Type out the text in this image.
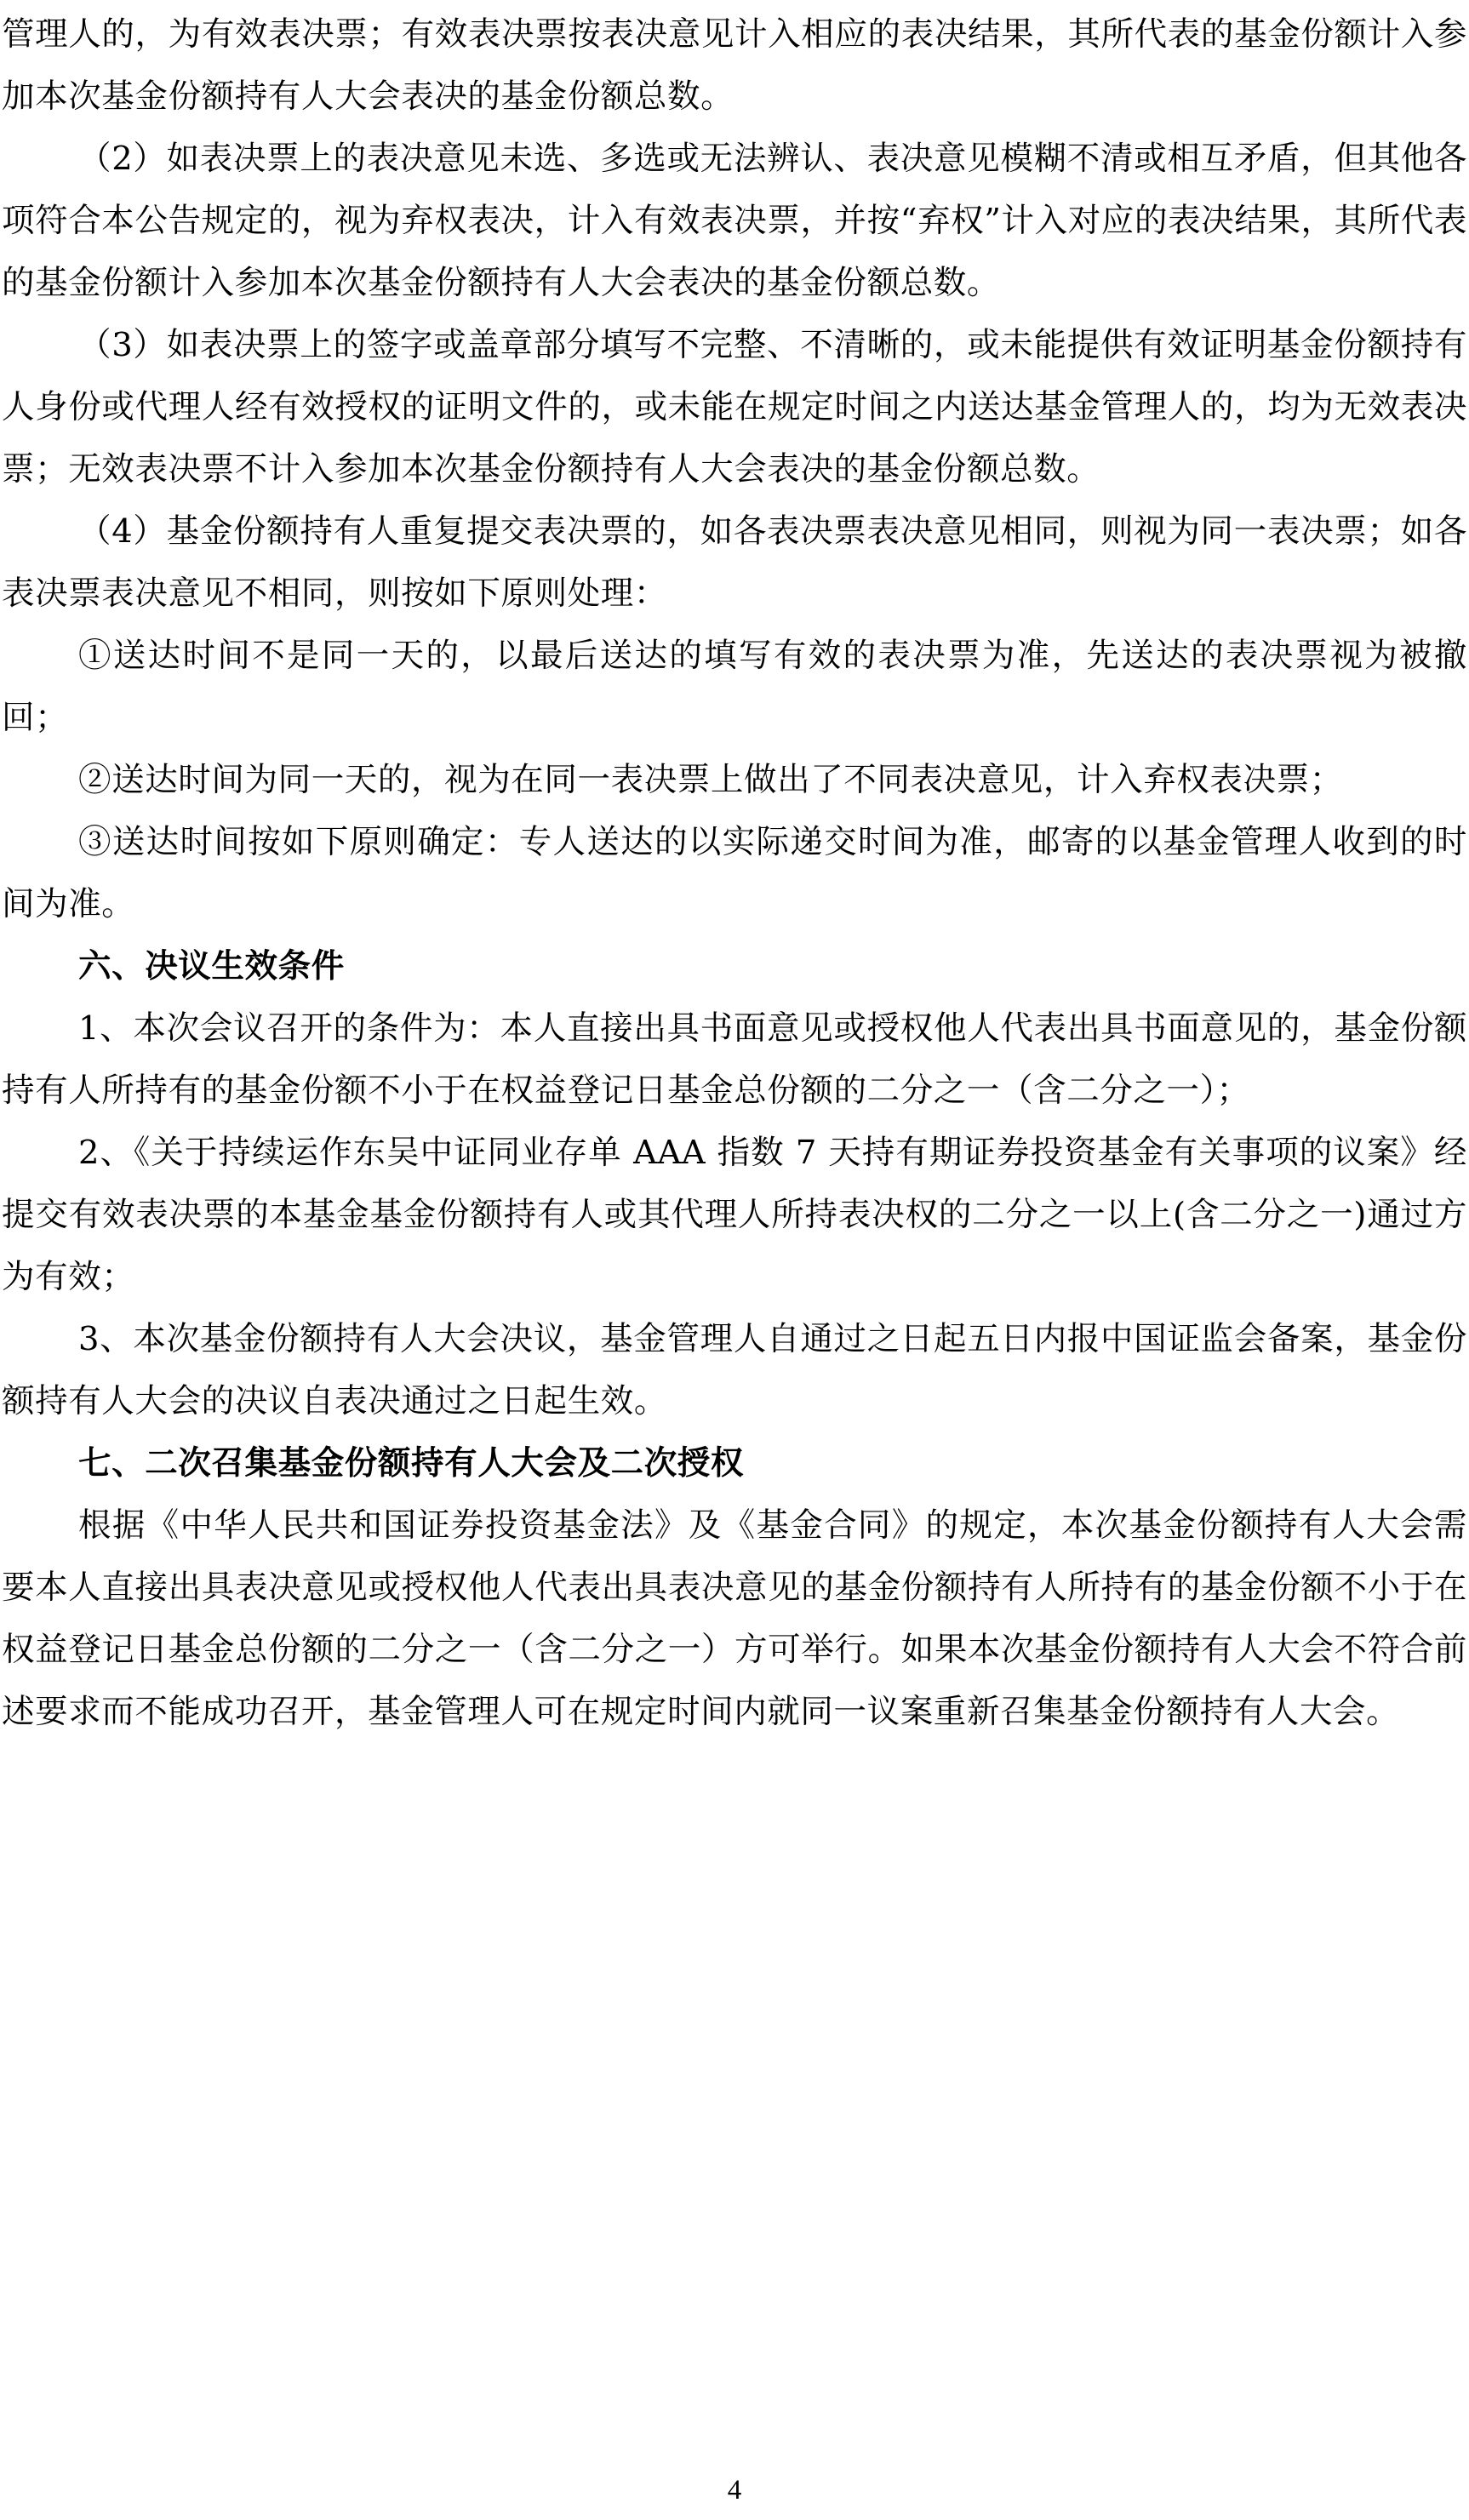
管理人的，为有效表决票；有效表决票按表决意见计入相应的表决结果，其所代表的基金份额计入参加本次基金份额持有人大会表决的基金份额总数。

（2）如表决票上的表决意见未选、多选或无法辨认、表决意见模糊不清或相互矛盾，但其他各项符合本公告规定的，视为弃权表决，计入有效表决票，并按“弃权”计入对应的表决结果，其所代表的基金份额计入参加本次基金份额持有人大会表决的基金份额总数。

（3）如表决票上的签字或盖章部分填写不完整、不清晰的，或未能提供有效证明基金份额持有人身份或代理人经有效授权的证明文件的，或未能在规定时间之内送达基金管理人的，均为无效表决票；无效表决票不计入参加本次基金份额持有人大会表决的基金份额总数。

（4）基金份额持有人重复提交表决票的，如各表决票表决意见相同，则视为同一表决票；如各表决票表决意见不相同，则按如下原则处理：

①送达时间不是同一天的，以最后送达的填写有效的表决票为准，先送达的表决票视为被撤回；

②送达时间为同一天的，视为在同一表决票上做出了不同表决意见，计入弃权表决票；

③送达时间按如下原则确定：专人送达的以实际递交时间为准，邮寄的以基金管理人收到的时间为准。

六、决议生效条件

1、本次会议召开的条件为：本人直接出具书面意见或授权他人代表出具书面意见的，基金份额持有人所持有的基金份额不小于在权益登记日基金总份额的二分之一（含二分之一）；

2、《关于持续运作东吴中证同业存单 AAA 指数 7 天持有期证券投资基金有关事项的议案》经提交有效表决票的本基金基金份额持有人或其代理人所持表决权的二分之一以上(含二分之一)通过方为有效；

3、本次基金份额持有人大会决议，基金管理人自通过之日起五日内报中国证监会备案，基金份额持有人大会的决议自表决通过之日起生效。

七、二次召集基金份额持有人大会及二次授权

根据《中华人民共和国证券投资基金法》及《基金合同》的规定，本次基金份额持有人大会需要本人直接出具表决意见或授权他人代表出具表决意见的基金份额持有人所持有的基金份额不小于在权益登记日基金总份额的二分之一（含二分之一）方可举行。如果本次基金份额持有人大会不符合前述要求而不能成功召开，基金管理人可在规定时间内就同一议案重新召集基金份额持有人大会。

4
